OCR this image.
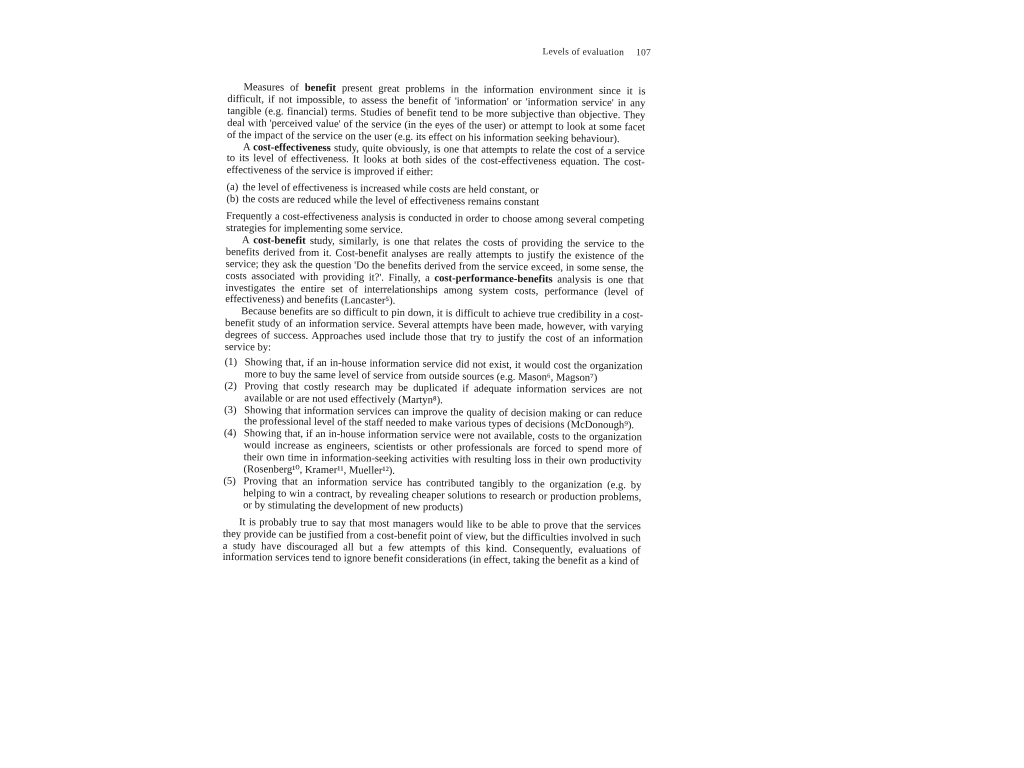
Levels of evaluation 107

Measures of benefit present great problems in the information environment since it is difficult, if not impossible, to assess the benefit of 'information' or 'information service' in any tangible (e.g. financial) terms. Studies of benefit tend to be more subjective than objective. They deal with 'perceived value' of the service (in the eyes of the user) or attempt to look at some facet of the impact of the service on the user (e.g. its effect on his information seeking behaviour).

A cost-effectiveness study, quite obviously, is one that attempts to relate the cost of a service to its level of effectiveness. It looks at both sides of the cost-effectiveness equation. The cost-effectiveness of the service is improved if either:

(a) the level of effectiveness is increased while costs are held constant, or
(b) the costs are reduced while the level of effectiveness remains constant

Frequently a cost-effectiveness analysis is conducted in order to choose among several competing strategies for implementing some service.

A cost-benefit study, similarly, is one that relates the costs of providing the service to the benefits derived from it. Cost-benefit analyses are really attempts to justify the existence of the service; they ask the question 'Do the benefits derived from the service exceed, in some sense, the costs associated with providing it?'. Finally, a cost-performance-benefits analysis is one that investigates the entire set of interrelationships among system costs, performance (level of effectiveness) and benefits (Lancaster⁵).

Because benefits are so difficult to pin down, it is difficult to achieve true credibility in a cost-benefit study of an information service. Several attempts have been made, however, with varying degrees of success. Approaches used include those that try to justify the cost of an information service by:

(1) Showing that, if an in-house information service did not exist, it would cost the organization more to buy the same level of service from outside sources (e.g. Mason⁶, Magson⁷)
(2) Proving that costly research may be duplicated if adequate information services are not available or are not used effectively (Martyn⁸).
(3) Showing that information services can improve the quality of decision making or can reduce the professional level of the staff needed to make various types of decisions (McDonough⁹).
(4) Showing that, if an in-house information service were not available, costs to the organization would increase as engineers, scientists or other professionals are forced to spend more of their own time in information-seeking activities with resulting loss in their own productivity (Rosenberg¹⁰, Kramer¹¹, Mueller¹²).
(5) Proving that an information service has contributed tangibly to the organization (e.g. by helping to win a contract, by revealing cheaper solutions to research or production problems, or by stimulating the development of new products)

It is probably true to say that most managers would like to be able to prove that the services they provide can be justified from a cost-benefit point of view, but the difficulties involved in such a study have discouraged all but a few attempts of this kind. Consequently, evaluations of information services tend to ignore benefit considerations (in effect, taking the benefit as a kind of
